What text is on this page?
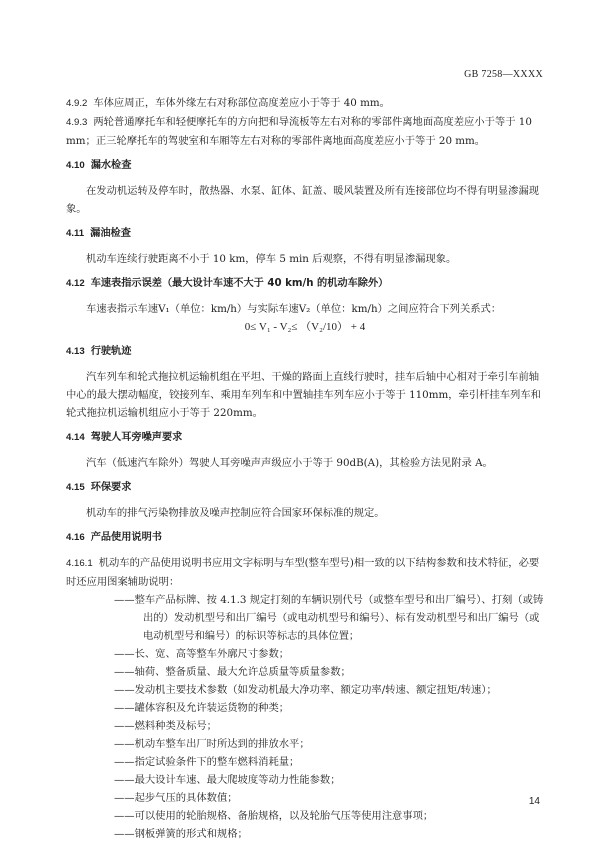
GB 7258—XXXX

4.9.2 车体应周正，车体外缘左右对称部位高度差应小于等于 40 mm。

4.9.3 两轮普通摩托车和轻便摩托车的方向把和导流板等左右对称的零部件离地面高度差应小于等于 10 mm；正三轮摩托车的驾驶室和车厢等左右对称的零部件离地面高度差应小于等于 20 mm。

4.10 漏水检查

在发动机运转及停车时，散热器、水泵、缸体、缸盖、暖风装置及所有连接部位均不得有明显渗漏现象。

4.11 漏油检查

机动车连续行驶距离不小于 10 km，停车 5 min 后观察，不得有明显渗漏现象。

4.12 车速表指示误差（最大设计车速不大于 40 km/h 的机动车除外）

车速表指示车速V₁（单位：km/h）与实际车速V₂（单位：km/h）之间应符合下列关系式：

0≤ V₁ - V₂≤ （V₂/10） + 4
4.13 行驶轨迹

汽车列车和轮式拖拉机运输机组在平坦、干燥的路面上直线行驶时，挂车后轴中心相对于牵引车前轴中心的最大摆动幅度，铰接列车、乘用车列车和中置轴挂车列车应小于等于 110mm，牵引杆挂车列车和轮式拖拉机运输机组应小于等于 220mm。

4.14 驾驶人耳旁噪声要求

汽车（低速汽车除外）驾驶人耳旁噪声声级应小于等于 90dB(A)，其检验方法见附录 A。

4.15 环保要求

机动车的排气污染物排放及噪声控制应符合国家环保标准的规定。

4.16 产品使用说明书

4.16.1 机动车的产品使用说明书应用文字标明与车型(整车型号)相一致的以下结构参数和技术特征，必要时还应用图案辅助说明：

——整车产品标牌、按 4.1.3 规定打刻的车辆识别代号（或整车型号和出厂编号）、打刻（或铸出的）发动机型号和出厂编号（或电动机型号和编号）、标有发动机型号和出厂编号（或电动机型号和编号）的标识等标志的具体位置；
——长、宽、高等整车外廓尺寸参数；
——轴荷、整备质量、最大允许总质量等质量参数；
——发动机主要技术参数（如发动机最大净功率、额定功率/转速、额定扭矩/转速）；
——罐体容积及允许装运货物的种类；
——燃料种类及标号；
——机动车整车出厂时所达到的排放水平；
——指定试验条件下的整车燃料消耗量；
——最大设计车速、最大爬坡度等动力性能参数；
——起步气压的具体数值；
——可以使用的轮胎规格、备胎规格，以及轮胎气压等使用注意事项；
——钢板弹簧的形式和规格；
14
